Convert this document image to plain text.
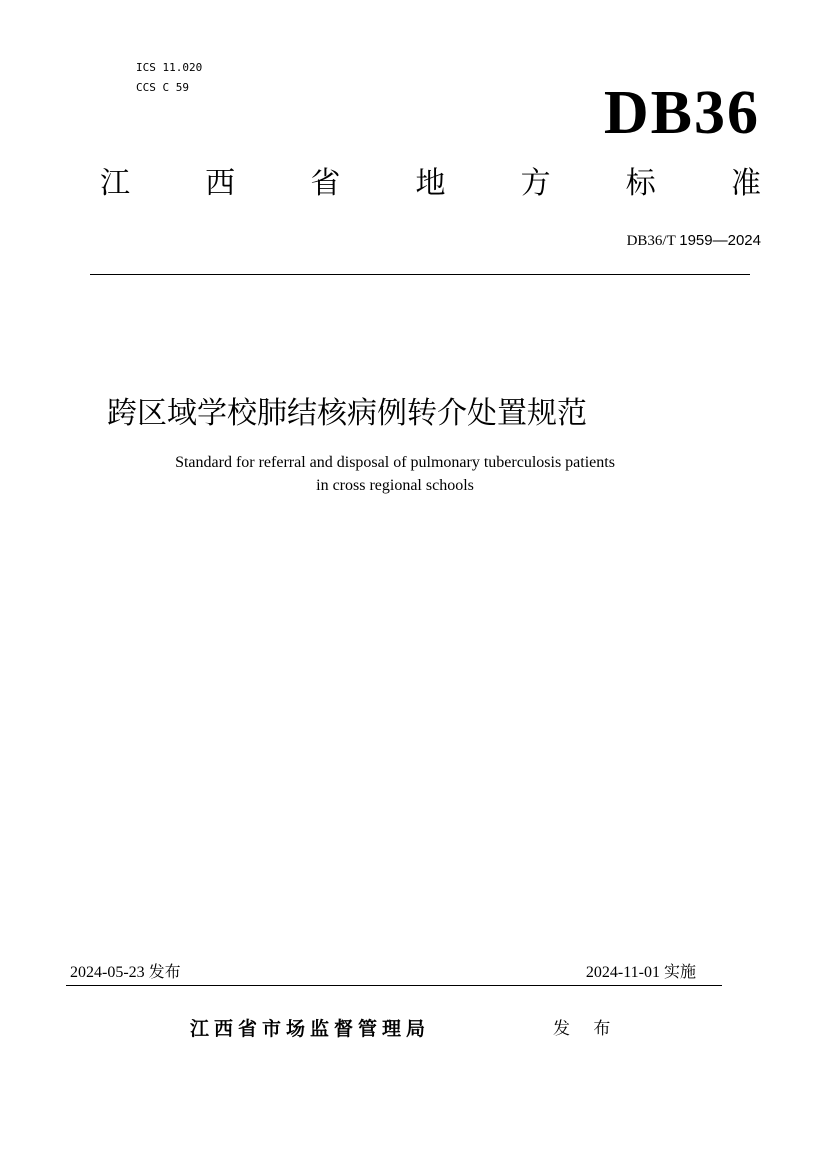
ICS 11.020
CCS C 59	DB36
江	西	省	地	方	标	准
DB36/T 1959—2024
跨区域学校肺结核病例转介处置规范
Standard for referral and disposal of pulmonary tuberculosis patients
in cross regional schools
2024-05-23 发布	2024-11-01 实施
江西省市场监督管理局	发 布
